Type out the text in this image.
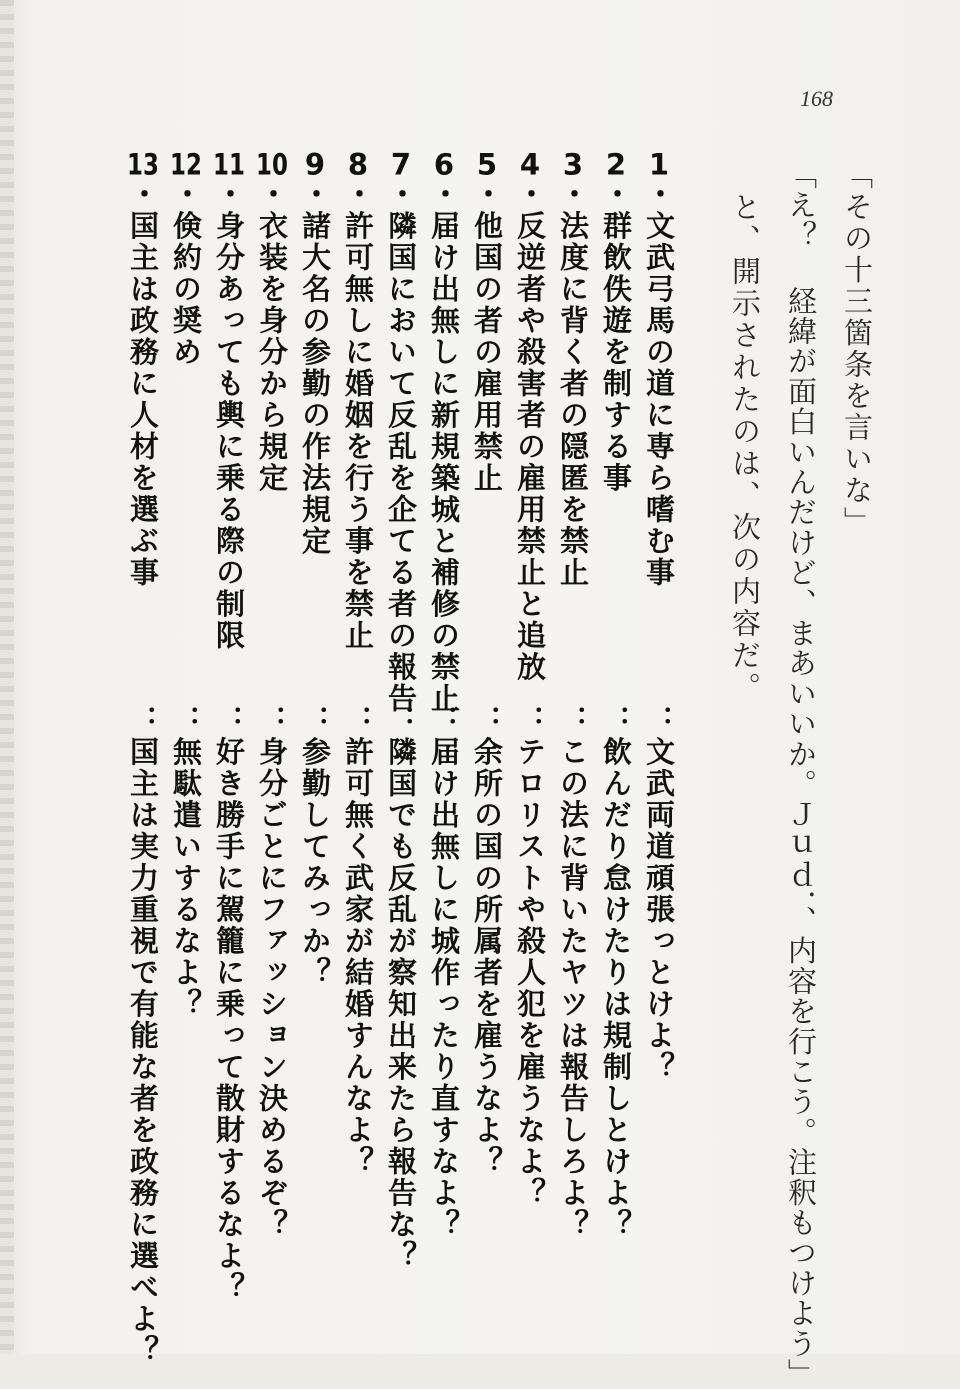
168
「その十三箇条を言いな」
「え？ 経緯が面白いんだけど、まあいいか。Ｊｕｄ．、内容を行こう。注釈もつけよう」
と、開示されたのは、次の内容だ。
1・文武弓馬の道に専ら嗜む事
：文武両道頑張っとけよ？
2・群飲佚遊を制する事
：飲んだり怠けたりは規制しとけよ？
3・法度に背く者の隠匿を禁止
：この法に背いたヤツは報告しろよ？
4・反逆者や殺害者の雇用禁止と追放
：テロリストや殺人犯を雇うなよ？
5・他国の者の雇用禁止
：余所の国の所属者を雇うなよ？
6・届け出無しに新規築城と補修の禁止
：届け出無しに城作ったり直すなよ？
7・隣国において反乱を企てる者の報告
：隣国でも反乱が察知出来たら報告な？
8・許可無しに婚姻を行う事を禁止
：許可無く武家が結婚すんなよ？
9・諸大名の参勤の作法規定
：参勤してみっか？
10・衣装を身分から規定
：身分ごとにファッション決めるぞ？
11・身分あっても輿に乗る際の制限
：好き勝手に駕籠に乗って散財するなよ？
12・倹約の奨め
：無駄遣いするなよ？
13・国主は政務に人材を選ぶ事
：国主は実力重視で有能な者を政務に選べよ？
